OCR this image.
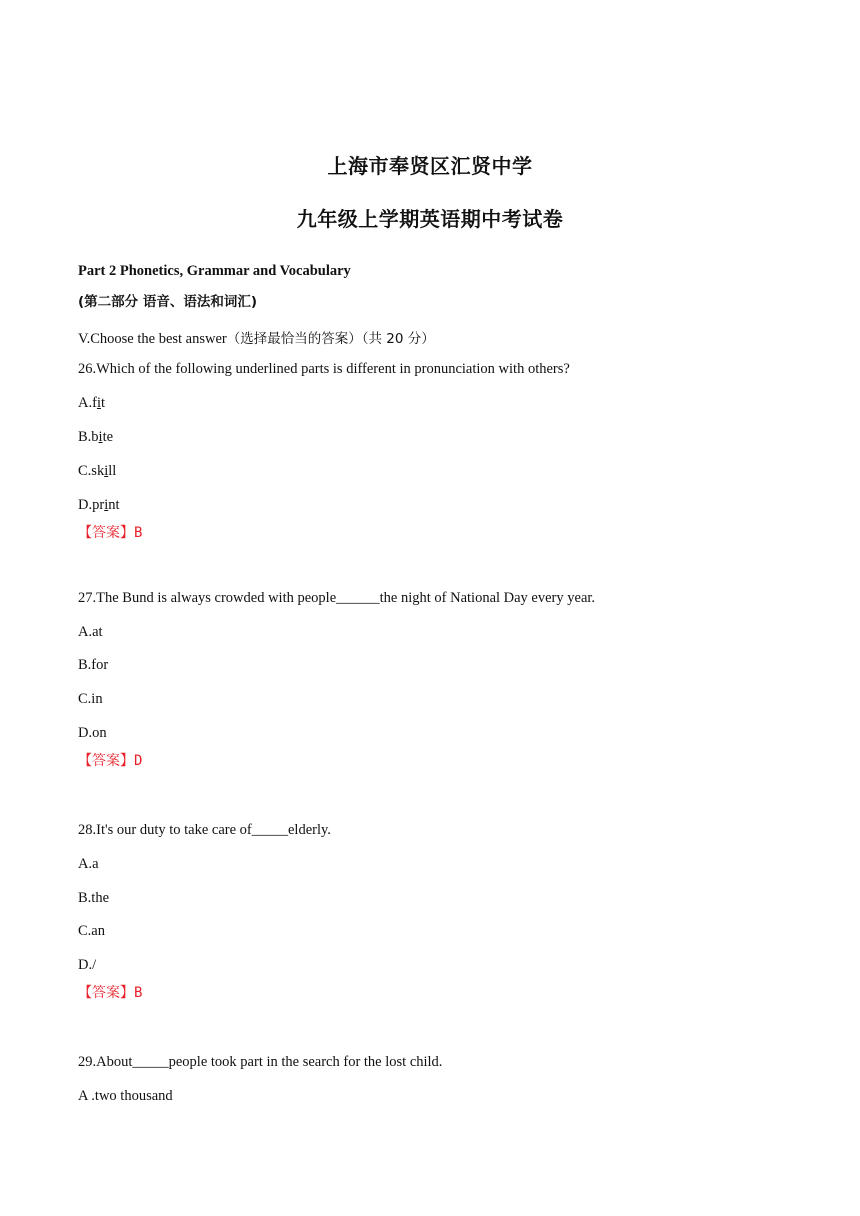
上海市奉贤区汇贤中学
九年级上学期英语期中考试卷
Part 2 Phonetics, Grammar and Vocabulary
(第二部分 语音、语法和词汇)
V.Choose the best answer（选择最恰当的答案）（共 20 分）
26.Which of the following underlined parts is different in pronunciation with others?
A.fit
B.bite
C.skill
D.print
【答案】B
27.The Bund is always crowded with people______the night of National Day every year.
A.at
B.for
C.in
D.on
【答案】D
28.It's our duty to take care of_____elderly.
A.a
B.the
C.an
D./
【答案】B
29.About_____people took part in the search for the lost child.
A .two thousand
